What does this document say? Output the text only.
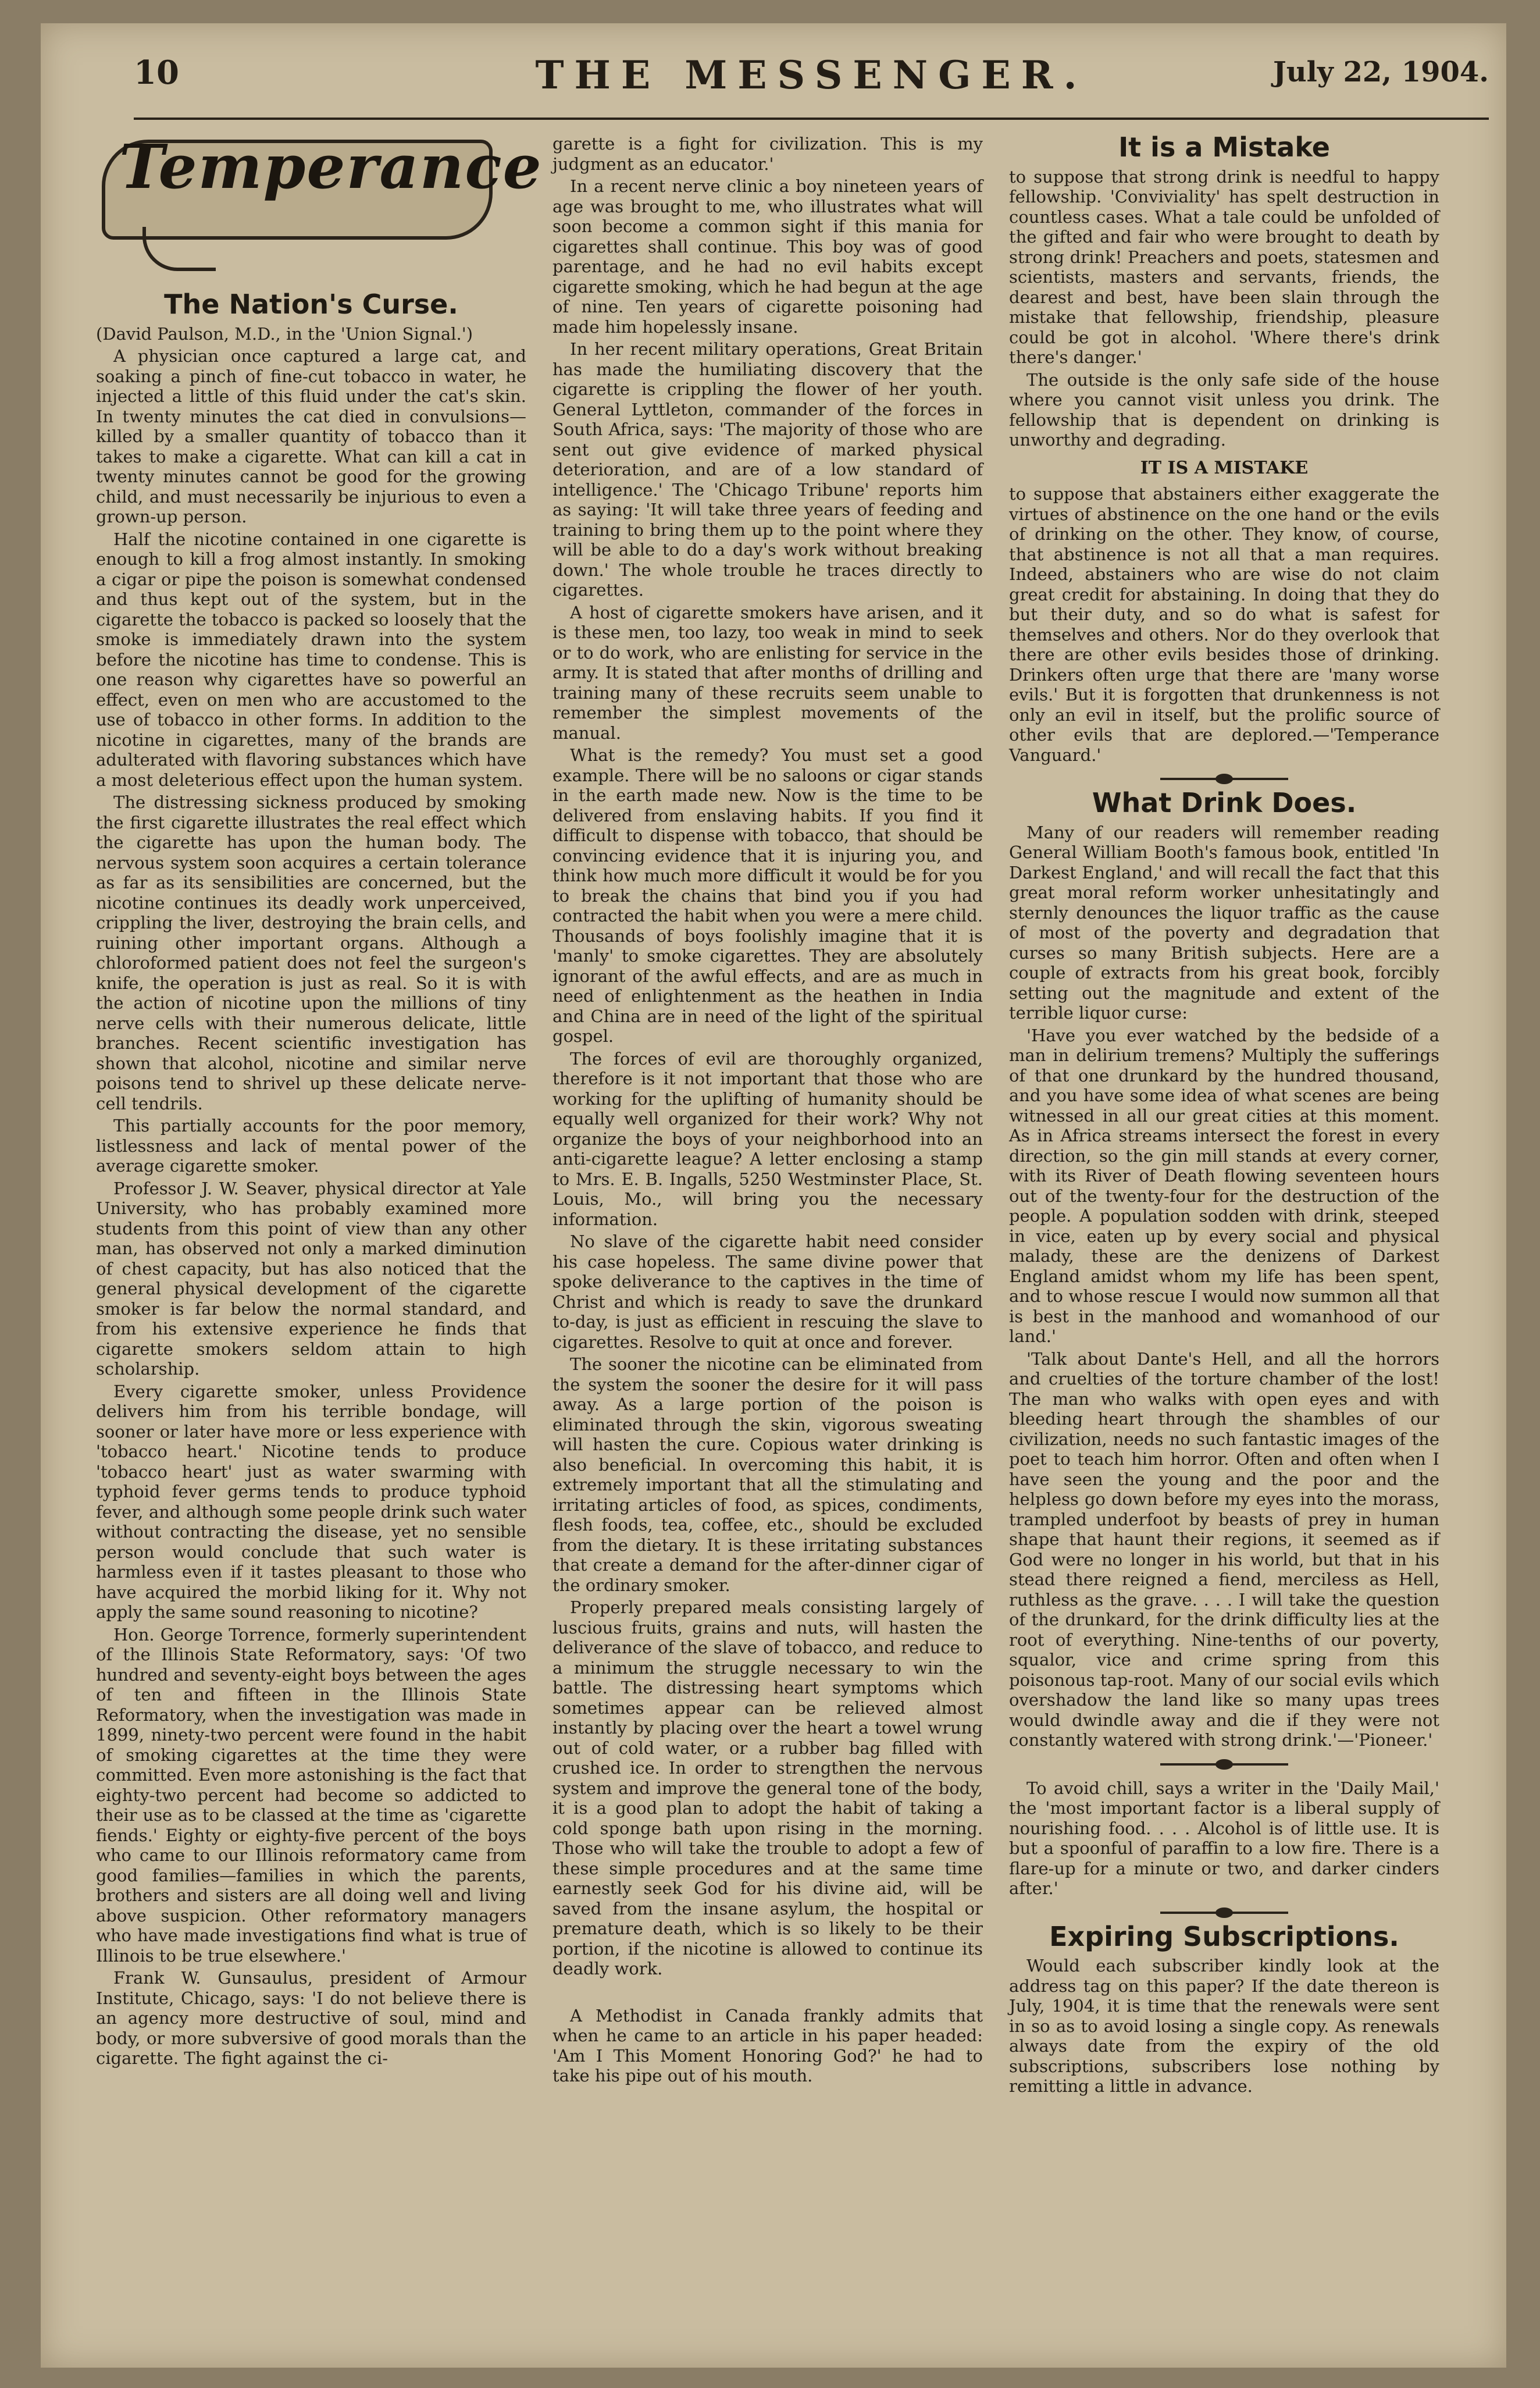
10	THE MESSENGER.	July 22, 1904.
Temperance
The Nation's Curse.

(David Paulson, M.D., in the 'Union Signal.')

A physician once captured a large cat, and soaking a pinch of fine-cut tobacco in water, he injected a little of this fluid under the cat's skin. In twenty minutes the cat died in convulsions—killed by a smaller quantity of tobacco than it takes to make a cigarette. What can kill a cat in twenty minutes cannot be good for the growing child, and must necessarily be injurious to even a grown-up person.

Half the nicotine contained in one cigarette is enough to kill a frog almost instantly. In smoking a cigar or pipe the poison is somewhat condensed and thus kept out of the system, but in the cigarette the tobacco is packed so loosely that the smoke is immediately drawn into the system before the nicotine has time to condense. This is one reason why cigarettes have so powerful an effect, even on men who are accustomed to the use of tobacco in other forms. In addition to the nicotine in cigarettes, many of the brands are adulterated with flavoring substances which have a most deleterious effect upon the human system.

The distressing sickness produced by smoking the first cigarette illustrates the real effect which the cigarette has upon the human body. The nervous system soon acquires a certain tolerance as far as its sensibilities are concerned, but the nicotine continues its deadly work unperceived, crippling the liver, destroying the brain cells, and ruining other important organs. Although a chloroformed patient does not feel the surgeon's knife, the operation is just as real. So it is with the action of nicotine upon the millions of tiny nerve cells with their numerous delicate, little branches. Recent scientific investigation has shown that alcohol, nicotine and similar nerve poisons tend to shrivel up these delicate nerve-cell tendrils.

This partially accounts for the poor memory, listlessness and lack of mental power of the average cigarette smoker.

Professor J. W. Seaver, physical director at Yale University, who has probably examined more students from this point of view than any other man, has observed not only a marked diminution of chest capacity, but has also noticed that the general physical development of the cigarette smoker is far below the normal standard, and from his extensive experience he finds that cigarette smokers seldom attain to high scholarship.

Every cigarette smoker, unless Providence delivers him from his terrible bondage, will sooner or later have more or less experience with 'tobacco heart.' Nicotine tends to produce 'tobacco heart' just as water swarming with typhoid fever germs tends to produce typhoid fever, and although some people drink such water without contracting the disease, yet no sensible person would conclude that such water is harmless even if it tastes pleasant to those who have acquired the morbid liking for it. Why not apply the same sound reasoning to nicotine?

Hon. George Torrence, formerly superintendent of the Illinois State Reformatory, says: 'Of two hundred and seventy-eight boys between the ages of ten and fifteen in the Illinois State Reformatory, when the investigation was made in 1899, ninety-two percent were found in the habit of smoking cigarettes at the time they were committed. Even more astonishing is the fact that eighty-two percent had become so addicted to their use as to be classed at the time as 'cigarette fiends.' Eighty or eighty-five percent of the boys who came to our Illinois reformatory came from good families—families in which the parents, brothers and sisters are all doing well and living above suspicion. Other reformatory managers who have made investigations find what is true of Illinois to be true elsewhere.'

Frank W. Gunsaulus, president of Armour Institute, Chicago, says: 'I do not believe there is an agency more destructive of soul, mind and body, or more subversive of good morals than the cigarette. The fight against the ci-

garette is a fight for civilization. This is my judgment as an educator.'

In a recent nerve clinic a boy nineteen years of age was brought to me, who illustrates what will soon become a common sight if this mania for cigarettes shall continue. This boy was of good parentage, and he had no evil habits except cigarette smoking, which he had begun at the age of nine. Ten years of cigarette poisoning had made him hopelessly insane.

In her recent military operations, Great Britain has made the humiliating discovery that the cigarette is crippling the flower of her youth. General Lyttleton, commander of the forces in South Africa, says: 'The majority of those who are sent out give evidence of marked physical deterioration, and are of a low standard of intelligence.' The 'Chicago Tribune' reports him as saying: 'It will take three years of feeding and training to bring them up to the point where they will be able to do a day's work without breaking down.' The whole trouble he traces directly to cigarettes.

A host of cigarette smokers have arisen, and it is these men, too lazy, too weak in mind to seek or to do work, who are enlisting for service in the army. It is stated that after months of drilling and training many of these recruits seem unable to remember the simplest movements of the manual.

What is the remedy? You must set a good example. There will be no saloons or cigar stands in the earth made new. Now is the time to be delivered from enslaving habits. If you find it difficult to dispense with tobacco, that should be convincing evidence that it is injuring you, and think how much more difficult it would be for you to break the chains that bind you if you had contracted the habit when you were a mere child. Thousands of boys foolishly imagine that it is 'manly' to smoke cigarettes. They are absolutely ignorant of the awful effects, and are as much in need of enlightenment as the heathen in India and China are in need of the light of the spiritual gospel.

The forces of evil are thoroughly organized, therefore is it not important that those who are working for the uplifting of humanity should be equally well organized for their work? Why not organize the boys of your neighborhood into an anti-cigarette league? A letter enclosing a stamp to Mrs. E. B. Ingalls, 5250 Westminster Place, St. Louis, Mo., will bring you the necessary information.

No slave of the cigarette habit need consider his case hopeless. The same divine power that spoke deliverance to the captives in the time of Christ and which is ready to save the drunkard to-day, is just as efficient in rescuing the slave to cigarettes. Resolve to quit at once and forever.

The sooner the nicotine can be eliminated from the system the sooner the desire for it will pass away. As a large portion of the poison is eliminated through the skin, vigorous sweating will hasten the cure. Copious water drinking is also beneficial. In overcoming this habit, it is extremely important that all the stimulating and irritating articles of food, as spices, condiments, flesh foods, tea, coffee, etc., should be excluded from the dietary. It is these irritating substances that create a demand for the after-dinner cigar of the ordinary smoker.

Properly prepared meals consisting largely of luscious fruits, grains and nuts, will hasten the deliverance of the slave of tobacco, and reduce to a minimum the struggle necessary to win the battle. The distressing heart symptoms which sometimes appear can be relieved almost instantly by placing over the heart a towel wrung out of cold water, or a rubber bag filled with crushed ice. In order to strengthen the nervous system and improve the general tone of the body, it is a good plan to adopt the habit of taking a cold sponge bath upon rising in the morning. Those who will take the trouble to adopt a few of these simple procedures and at the same time earnestly seek God for his divine aid, will be saved from the insane asylum, the hospital or premature death, which is so likely to be their portion, if the nicotine is allowed to continue its deadly work.

A Methodist in Canada frankly admits that when he came to an article in his paper headed: 'Am I This Moment Honoring God?' he had to take his pipe out of his mouth.

It is a Mistake

to suppose that strong drink is needful to happy fellowship. 'Conviviality' has spelt destruction in countless cases. What a tale could be unfolded of the gifted and fair who were brought to death by strong drink! Preachers and poets, statesmen and scientists, masters and servants, friends, the dearest and best, have been slain through the mistake that fellowship, friendship, pleasure could be got in alcohol. 'Where there's drink there's danger.'

The outside is the only safe side of the house where you cannot visit unless you drink. The fellowship that is dependent on drinking is unworthy and degrading.

IT IS A MISTAKE

to suppose that abstainers either exaggerate the virtues of abstinence on the one hand or the evils of drinking on the other. They know, of course, that abstinence is not all that a man requires. Indeed, abstainers who are wise do not claim great credit for abstaining. In doing that they do but their duty, and so do what is safest for themselves and others. Nor do they overlook that there are other evils besides those of drinking. Drinkers often urge that there are 'many worse evils.' But it is forgotten that drunkenness is not only an evil in itself, but the prolific source of other evils that are deplored.—'Temperance Vanguard.'

What Drink Does.

Many of our readers will remember reading General William Booth's famous book, entitled 'In Darkest England,' and will recall the fact that this great moral reform worker unhesitatingly and sternly denounces the liquor traffic as the cause of most of the poverty and degradation that curses so many British subjects. Here are a couple of extracts from his great book, forcibly setting out the magnitude and extent of the terrible liquor curse:

'Have you ever watched by the bedside of a man in delirium tremens? Multiply the sufferings of that one drunkard by the hundred thousand, and you have some idea of what scenes are being witnessed in all our great cities at this moment. As in Africa streams intersect the forest in every direction, so the gin mill stands at every corner, with its River of Death flowing seventeen hours out of the twenty-four for the destruction of the people. A population sodden with drink, steeped in vice, eaten up by every social and physical malady, these are the denizens of Darkest England amidst whom my life has been spent, and to whose rescue I would now summon all that is best in the manhood and womanhood of our land.'

'Talk about Dante's Hell, and all the horrors and cruelties of the torture chamber of the lost! The man who walks with open eyes and with bleeding heart through the shambles of our civilization, needs no such fantastic images of the poet to teach him horror. Often and often when I have seen the young and the poor and the helpless go down before my eyes into the morass, trampled underfoot by beasts of prey in human shape that haunt their regions, it seemed as if God were no longer in his world, but that in his stead there reigned a fiend, merciless as Hell, ruthless as the grave. . . . I will take the question of the drunkard, for the drink difficulty lies at the root of everything. Nine-tenths of our poverty, squalor, vice and crime spring from this poisonous tap-root. Many of our social evils which overshadow the land like so many upas trees would dwindle away and die if they were not constantly watered with strong drink.'—'Pioneer.'

To avoid chill, says a writer in the 'Daily Mail,' the 'most important factor is a liberal supply of nourishing food. . . . Alcohol is of little use. It is but a spoonful of paraffin to a low fire. There is a flare-up for a minute or two, and darker cinders after.'

Expiring Subscriptions.

Would each subscriber kindly look at the address tag on this paper? If the date thereon is July, 1904, it is time that the renewals were sent in so as to avoid losing a single copy. As renewals always date from the expiry of the old subscriptions, subscribers lose nothing by remitting a little in advance.
